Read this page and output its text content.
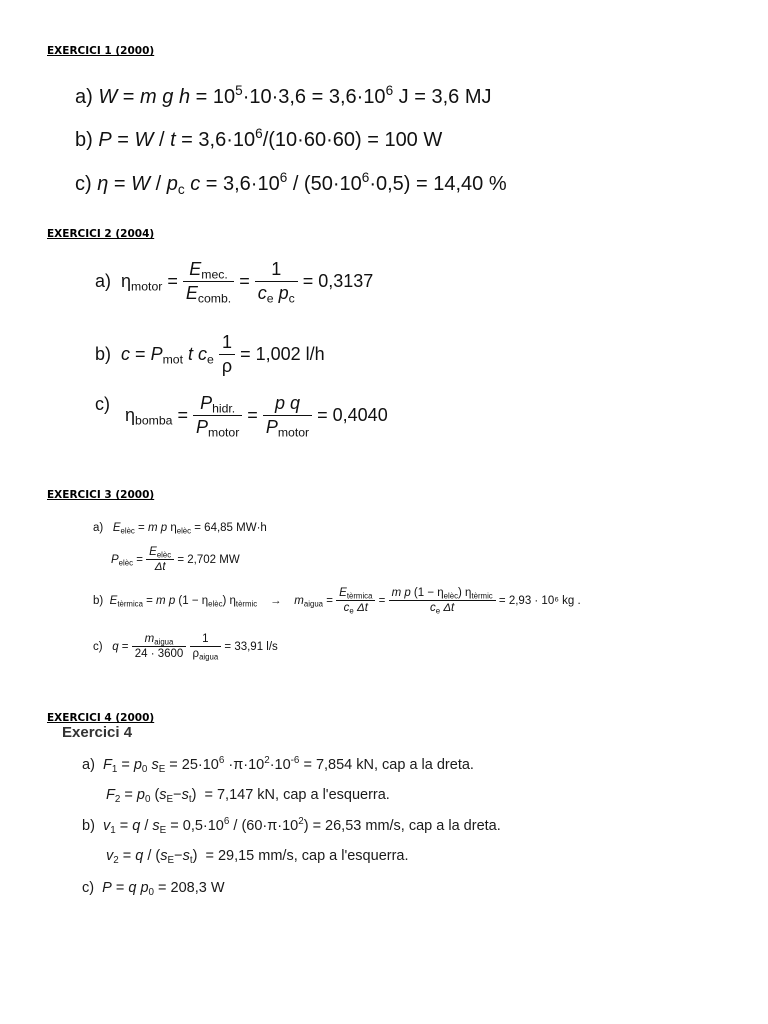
EXERCICI 1 (2000)
a) W = m g $h = 10^5\cdot 10\cdot 3,6 = 3,6\cdot 10^6$ J = 3,6 MJ
b) $P = W / t = 3,6\cdot 10^6/(10\cdot 60\cdot 60) = 100$ W
c) $\eta = W / p_c$ $c = 3,6\cdot 10^6 / (50\cdot 10^6\cdot 0,5) = 14,40$ %
EXERCICI 2 (2004)
a)  $\eta_{motor} = \frac{E_{mec.}}{E_{comb.}} = \frac{1}{c_e p_c} = 0,3137$
b) $c = P_{mot}$ t $c_e \frac{1}{\rho} = 1,002$ l/h
c)   $\eta_{bomba} = \frac{P_{hidr.}}{P_{motor}} = \frac{\text{p q}}{P_{motor}} = 0,4040$
EXERCICI 3 (2000)
a) $E_{elèc} = m$ p $\eta_{elèc} = 64,85$ MW·h
$P_{elèc} = \frac{E_{elèc}}{\Delta t} = 2,702$ MW
b) $E_{tèrmica} = m$ p $(1 - \eta_{elèc})$ $\eta_{tèrmic} \to m_{aigua} = \frac{E_{tèrmica}}{c_e \Delta t} = \frac{m p (1 - \eta_{elèc}) \eta_{tèrmic}}{c_e \Delta t} = 2,93 \cdot 10^6$ kg .
c) $q = \frac{m_{aigua}}{24 \cdot 3600}$
$\frac{1}{\rho_{aigua}} = 33,91$ l/s
EXERCICI 4 (2000)
Exercici 4
a) $F_1 = p_0$ $s_E = 25\cdot 10^6 \cdot\pi\cdot 10^2\cdot 10^{-6} = 7,854$ kN, cap a la dreta.
$F_2 = p_0$ $(s_E-s_t) = 7,147$ kN, cap a l'esquerra.
b) $v_1 = q / s_E = 0,5\cdot 10^6 / (60\cdot\pi\cdot 10^2) = 26,53$ mm/s, cap a la dreta.
$v_2 = q / (s_E-s_t) = 29,15$ mm/s, cap a l'esquerra.
c) P = q $p_0 = 208,3$ W
